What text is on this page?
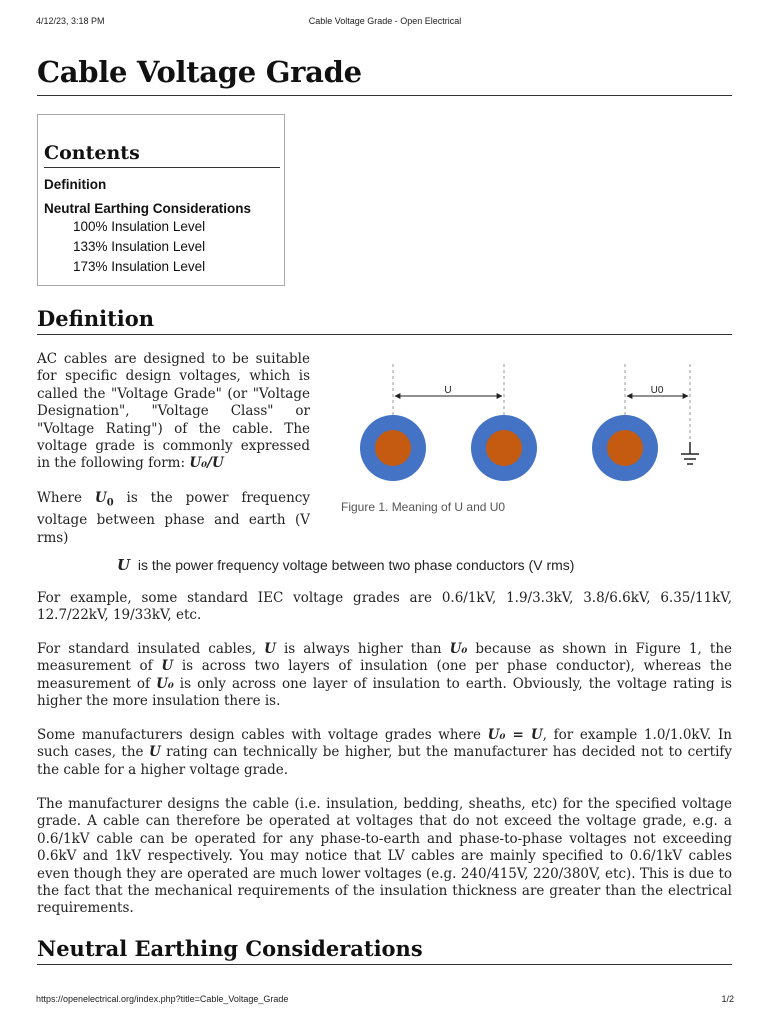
4/12/23, 3:18 PM	Cable Voltage Grade - Open Electrical
Cable Voltage Grade
Contents
Definition
Neutral Earthing Considerations
100% Insulation Level
133% Insulation Level
173% Insulation Level
Definition

AC cables are designed to be suitable for specific design voltages, which is called the "Voltage Grade" (or "Voltage Designation", "Voltage Class" or "Voltage Rating") of the cable. The voltage grade is commonly expressed in the following form: U₀/U

Where $U_0$ is the power frequency voltage between phase and earth (V rms)

U	U0
Figure 1. Meaning of U and U0
U is the power frequency voltage between two phase conductors (V rms)

For example, some standard IEC voltage grades are 0.6/1kV, 1.9/3.3kV, 3.8/6.6kV, 6.35/11kV, 12.7/22kV, 19/33kV, etc.

For standard insulated cables, U is always higher than U₀ because as shown in Figure 1, the measurement of U is across two layers of insulation (one per phase conductor), whereas the measurement of U₀ is only across one layer of insulation to earth. Obviously, the voltage rating is higher the more insulation there is.

Some manufacturers design cables with voltage grades where U₀ = U, for example 1.0/1.0kV. In such cases, the U rating can technically be higher, but the manufacturer has decided not to certify the cable for a higher voltage grade.

The manufacturer designs the cable (i.e. insulation, bedding, sheaths, etc) for the specified voltage grade. A cable can therefore be operated at voltages that do not exceed the voltage grade, e.g. a 0.6/1kV cable can be operated for any phase-to-earth and phase-to-phase voltages not exceeding 0.6kV and 1kV respectively. You may notice that LV cables are mainly specified to 0.6/1kV cables even though they are operated are much lower voltages (e.g. 240/415V, 220/380V, etc). This is due to the fact that the mechanical requirements of the insulation thickness are greater than the electrical requirements.

Neutral Earthing Considerations
https://openelectrical.org/index.php?title=Cable_Voltage_Grade	1/2
